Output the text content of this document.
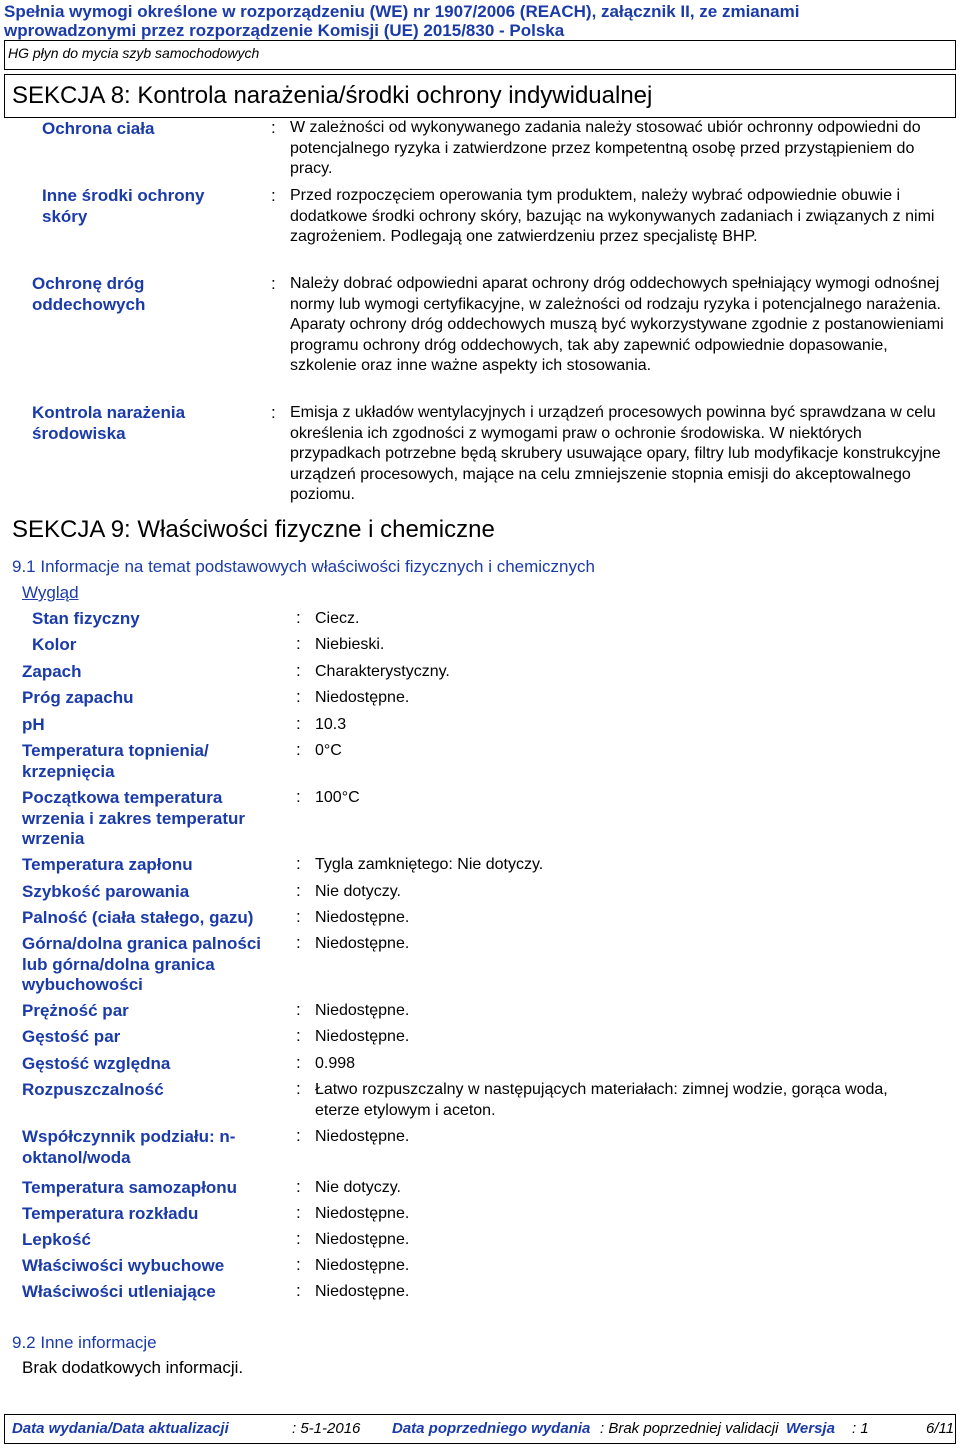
Spełnia wymogi określone w rozporządzeniu (WE) nr 1907/2006 (REACH), załącznik II, ze zmianami
wprowadzonymi przez rozporządzenie Komisji (UE) 2015/830 - Polska
HG płyn do mycia szyb samochodowych
SEKCJA 8: Kontrola narażenia/środki ochrony indywidualnej
Ochrona ciała	: W zależności od wykonywanego zadania należy stosować ubiór ochronny odpowiedni do potencjalnego ryzyka i zatwierdzone przez kompetentną osobę przed przystąpieniem do pracy.
Inne środki ochrony
skóry
: Przed rozpoczęciem operowania tym produktem, należy wybrać odpowiednie obuwie i dodatkowe środki ochrony skóry, bazując na wykonywanych zadaniach i związanych z nimi zagrożeniem. Podlegają one zatwierdzeniu przez specjalistę BHP.
Ochronę dróg
oddechowych
: Należy dobrać odpowiedni aparat ochrony dróg oddechowych spełniający wymogi odnośnej normy lub wymogi certyfikacyjne, w zależności od rodzaju ryzyka i potencjalnego narażenia. Aparaty ochrony dróg oddechowych muszą być wykorzystywane zgodnie z postanowieniami programu ochrony dróg oddechowych, tak aby zapewnić odpowiednie dopasowanie, szkolenie oraz inne ważne aspekty ich stosowania.
Kontrola narażenia
środowiska
: Emisja z układów wentylacyjnych i urządzeń procesowych powinna być sprawdzana w celu określenia ich zgodności z wymogami praw o ochronie środowiska. W niektórych przypadkach potrzebne będą skrubery usuwające opary, filtry lub modyfikacje konstrukcyjne urządzeń procesowych, mające na celu zmniejszenie stopnia emisji do akceptowalnego poziomu.
SEKCJA 9: Właściwości fizyczne i chemiczne
9.1 Informacje na temat podstawowych właściwości fizycznych i chemicznych
Wygląd
Stan fizyczny	: Ciecz.
Kolor	: Niebieski.
Zapach	: Charakterystyczny.
Próg zapachu	: Niedostępne.
pH	: 10.3
Temperatura topnienia/
krzepnięcia
: 0°C
Początkowa temperatura
wrzenia i zakres temperatur
wrzenia
: 100°C
Temperatura zapłonu	: Tygla zamkniętego: Nie dotyczy.
Szybkość parowania	: Nie dotyczy.
Palność (ciała stałego, gazu)	: Niedostępne.
Górna/dolna granica palności
lub górna/dolna granica
wybuchowości
: Niedostępne.
Prężność par	: Niedostępne.
Gęstość par	: Niedostępne.
Gęstość względna	: 0.998
Rozpuszczalność	: Łatwo rozpuszczalny w następujących materiałach: zimnej wodzie, gorąca woda,
eterze etylowym i aceton.
Współczynnik podziału: n-
oktanol/woda
: Niedostępne.
Temperatura samozapłonu	: Nie dotyczy.
Temperatura rozkładu	: Niedostępne.
Lepkość	: Niedostępne.
Właściwości wybuchowe	: Niedostępne.
Właściwości utleniające	: Niedostępne.
9.2 Inne informacje
Brak dodatkowych informacji.
Data wydania/Data aktualizacji	: 5-1-2016 Data poprzedniego wydania : Brak poprzedniej validacji Wersja : 1	6/11
